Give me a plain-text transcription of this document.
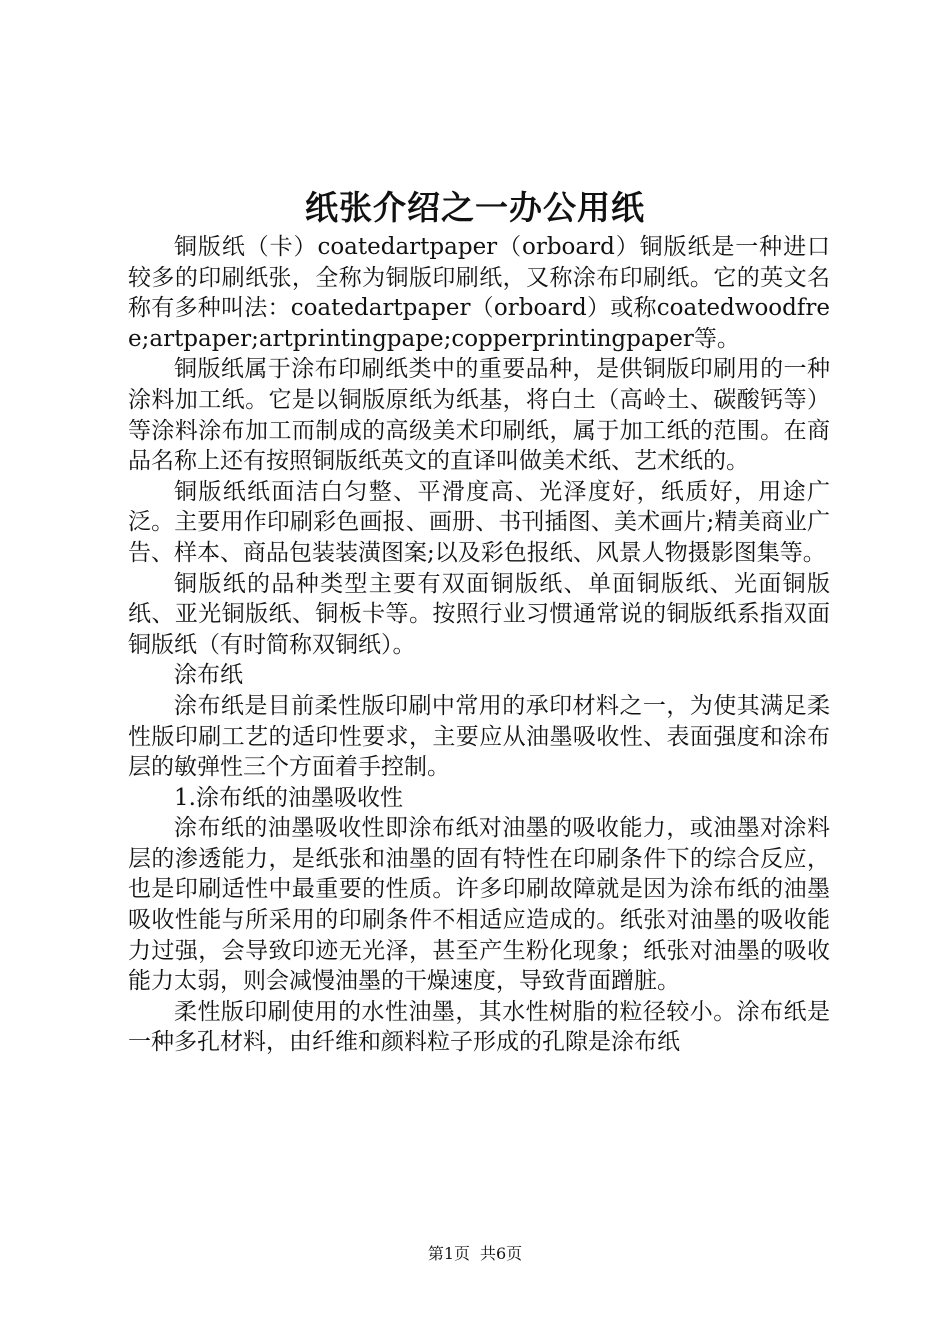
纸张介绍之一办公用纸

铜版纸（卡）coatedartpaper（orboard）铜版纸是一种进口较多的印刷纸张，全称为铜版印刷纸，又称涂布印刷纸。它的英文名称有多种叫法：coatedartpaper（orboard）或称coatedwoodfree;artpaper;artprintingpape;copperprintingpaper等。

铜版纸属于涂布印刷纸类中的重要品种，是供铜版印刷用的一种涂料加工纸。它是以铜版原纸为纸基，将白土（高岭土、碳酸钙等）等涂料涂布加工而制成的高级美术印刷纸，属于加工纸的范围。在商品名称上还有按照铜版纸英文的直译叫做美术纸、艺术纸的。

铜版纸纸面洁白匀整、平滑度高、光泽度好，纸质好，用途广泛。主要用作印刷彩色画报、画册、书刊插图、美术画片;精美商业广告、样本、商品包装装潢图案;以及彩色报纸、风景人物摄影图集等。

铜版纸的品种类型主要有双面铜版纸、单面铜版纸、光面铜版纸、亚光铜版纸、铜板卡等。按照行业习惯通常说的铜版纸系指双面铜版纸（有时简称双铜纸）。

涂布纸

涂布纸是目前柔性版印刷中常用的承印材料之一，为使其满足柔性版印刷工艺的适印性要求，主要应从油墨吸收性、表面强度和涂布层的敏弹性三个方面着手控制。

1.涂布纸的油墨吸收性

涂布纸的油墨吸收性即涂布纸对油墨的吸收能力，或油墨对涂料层的渗透能力，是纸张和油墨的固有特性在印刷条件下的综合反应，也是印刷适性中最重要的性质。许多印刷故障就是因为涂布纸的油墨吸收性能与所采用的印刷条件不相适应造成的。纸张对油墨的吸收能力过强，会导致印迹无光泽，甚至产生粉化现象；纸张对油墨的吸收能力太弱，则会减慢油墨的干燥速度，导致背面蹭脏。

柔性版印刷使用的水性油墨，其水性树脂的粒径较小。涂布纸是一种多孔材料，由纤维和颜料粒子形成的孔隙是涂布纸

第1页 共6页
